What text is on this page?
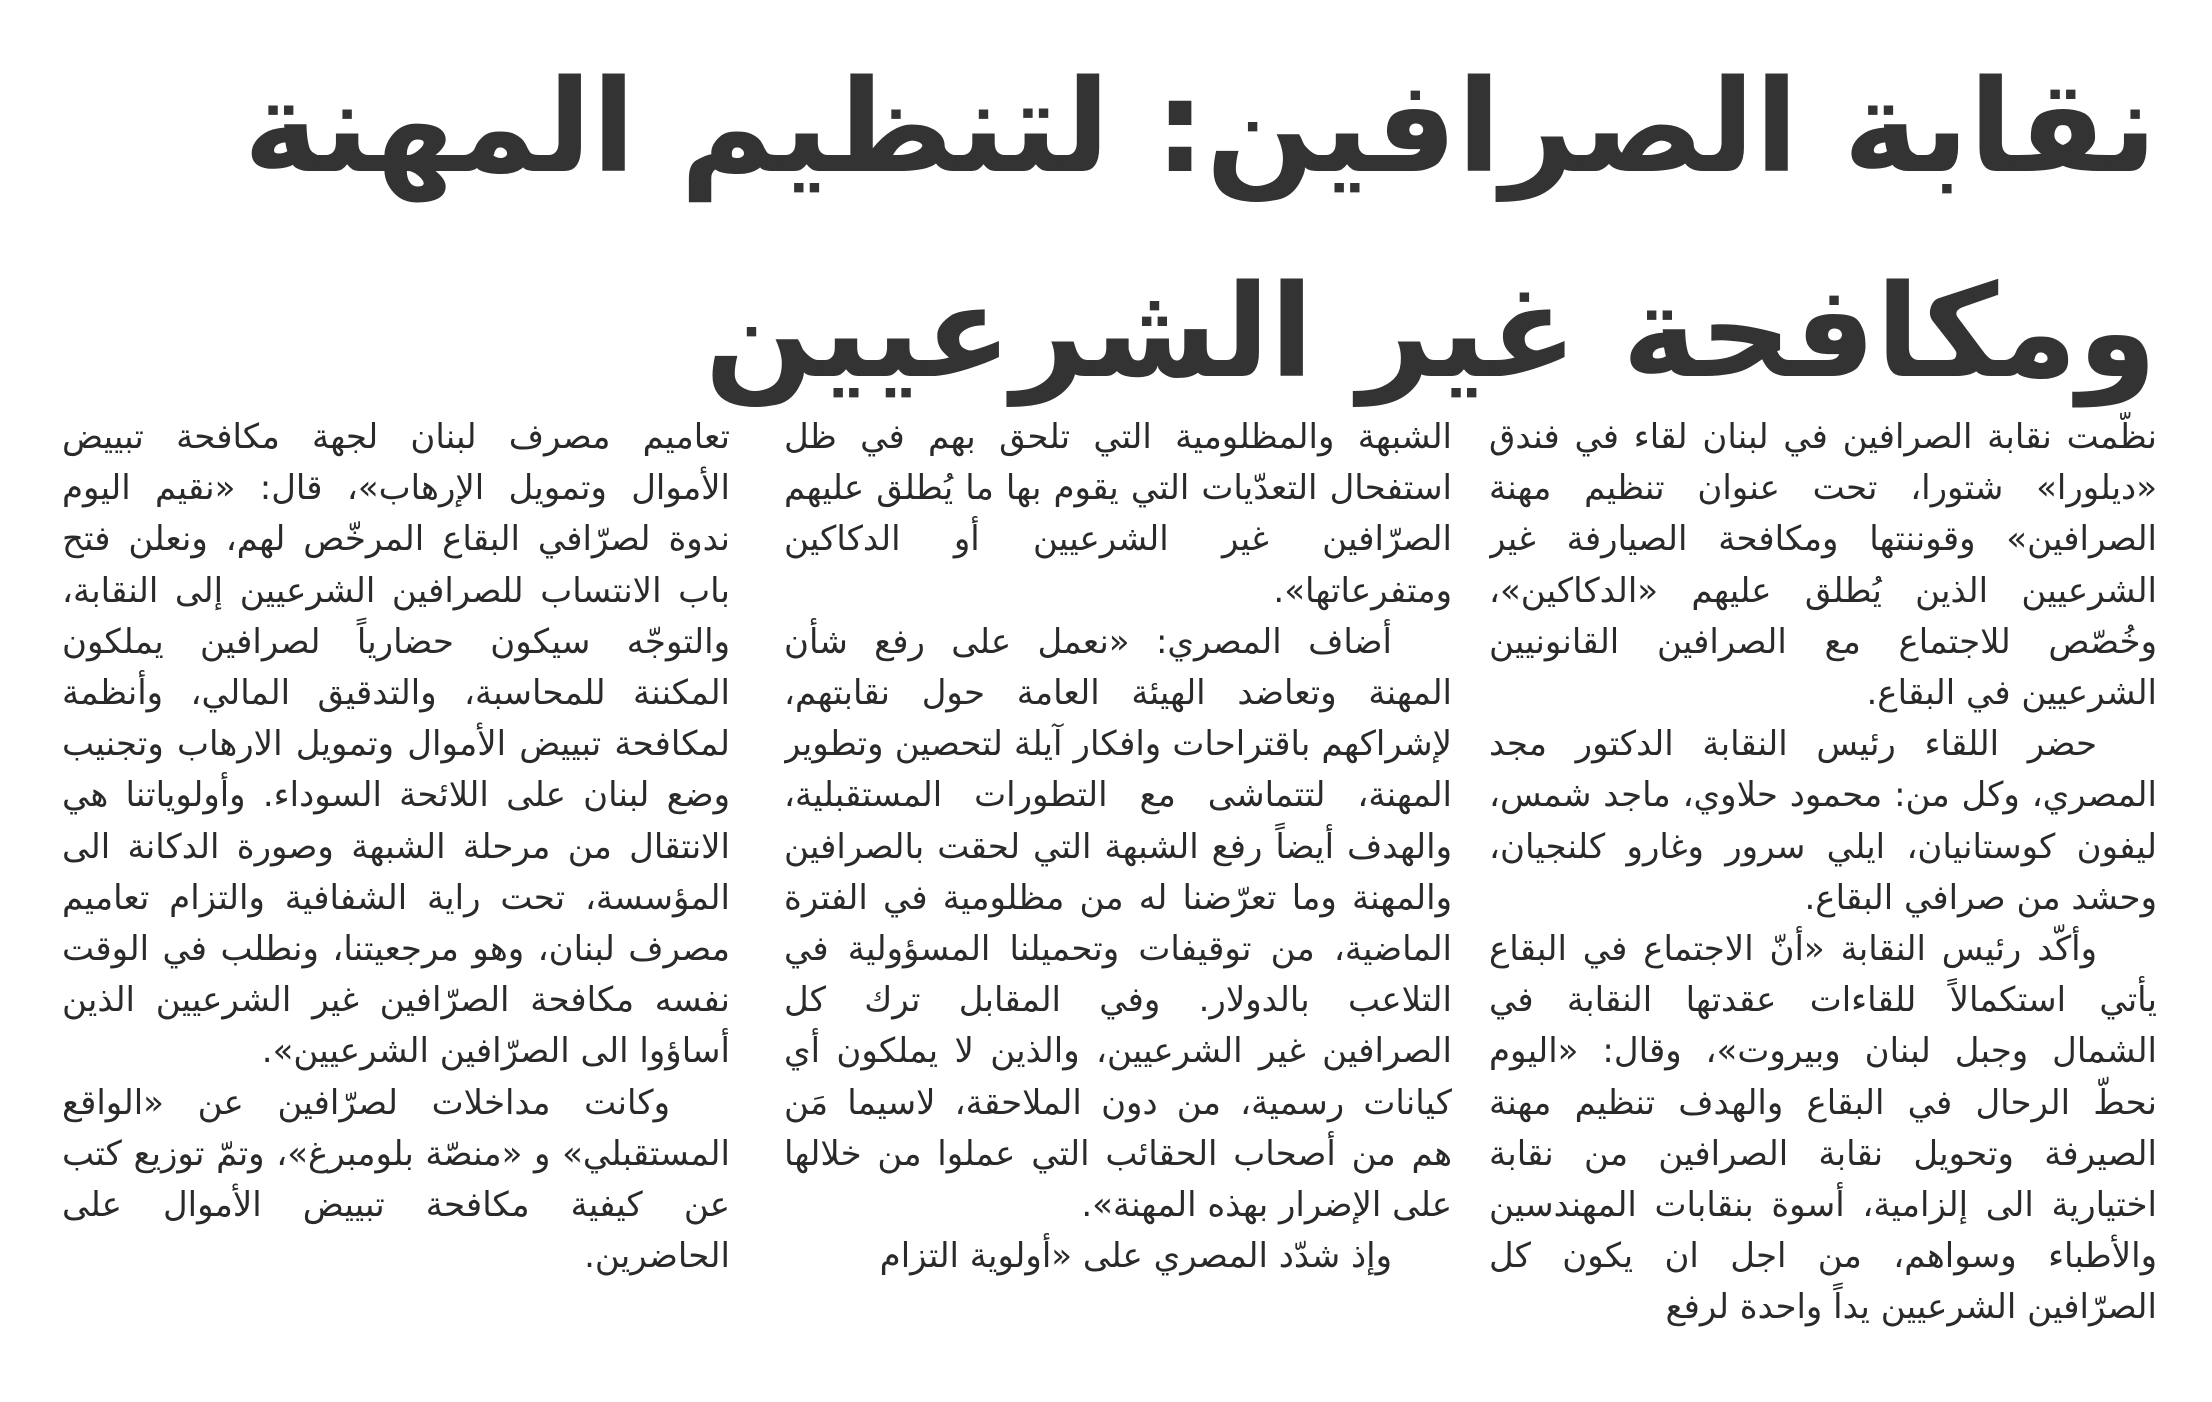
نقابة الصرافين: لتنظيم المهنة ومكافحة غير الشرعيين

نظّمت نقابة الصرافين في لبنان لقاء في فندق «ديلورا» شتورا، تحت عنوان تنظيم مهنة الصرافين» وقوننتها ومكافحة الصيارفة غير الشرعيين الذين يُطلق عليهم «الدكاكين»، وخُصّص للاجتماع مع الصرافين القانونيين الشرعيين في البقاع.

حضر اللقاء رئيس النقابة الدكتور مجد المصري، وكل من: محمود حلاوي، ماجد شمس، ليفون كوستانيان، ايلي سرور وغارو كلنجيان، وحشد من صرافي البقاع.

وأكّد رئيس النقابة «أنّ الاجتماع في البقاع يأتي استكمالاً للقاءات عقدتها النقابة في الشمال وجبل لبنان وبيروت»، وقال: «اليوم نحطّ الرحال في البقاع والهدف تنظيم مهنة الصيرفة وتحويل نقابة الصرافين من نقابة اختيارية الى إلزامية، أسوة بنقابات المهندسين والأطباء وسواهم، من اجل ان يكون كل الصرّافين الشرعيين يداً واحدة لرفع

الشبهة والمظلومية التي تلحق بهم في ظل استفحال التعدّيات التي يقوم بها ما يُطلق عليهم الصرّافين غير الشرعيين أو الدكاكين ومتفرعاتها».

أضاف المصري: «نعمل على رفع شأن المهنة وتعاضد الهيئة العامة حول نقابتهم، لإشراكهم باقتراحات وافكار آيلة لتحصين وتطوير المهنة، لتتماشى مع التطورات المستقبلية، والهدف أيضاً رفع الشبهة التي لحقت بالصرافين والمهنة وما تعرّضنا له من مظلومية في الفترة الماضية، من توقيفات وتحميلنا المسؤولية في التلاعب بالدولار. وفي المقابل ترك كل الصرافين غير الشرعيين، والذين لا يملكون أي كيانات رسمية، من دون الملاحقة، لاسيما مَن هم من أصحاب الحقائب التي عملوا من خلالها على الإضرار بهذه المهنة».

وإذ شدّد المصري على «أولوية التزام

تعاميم مصرف لبنان لجهة مكافحة تبييض الأموال وتمويل الإرهاب»، قال: «نقيم اليوم ندوة لصرّافي البقاع المرخّص لهم، ونعلن فتح باب الانتساب للصرافين الشرعيين إلى النقابة، والتوجّه سيكون حضارياً لصرافين يملكون المكننة للمحاسبة، والتدقيق المالي، وأنظمة لمكافحة تبييض الأموال وتمويل الارهاب وتجنيب وضع لبنان على اللائحة السوداء. وأولوياتنا هي الانتقال من مرحلة الشبهة وصورة الدكانة الى المؤسسة، تحت راية الشفافية والتزام تعاميم مصرف لبنان، وهو مرجعيتنا، ونطلب في الوقت نفسه مكافحة الصرّافين غير الشرعيين الذين أساؤوا الى الصرّافين الشرعيين».

وكانت مداخلات لصرّافين عن «الواقع المستقبلي» و «منصّة بلومبرغ»، وتمّ توزيع كتب عن كيفية مكافحة تبييض الأموال على الحاضرين.
